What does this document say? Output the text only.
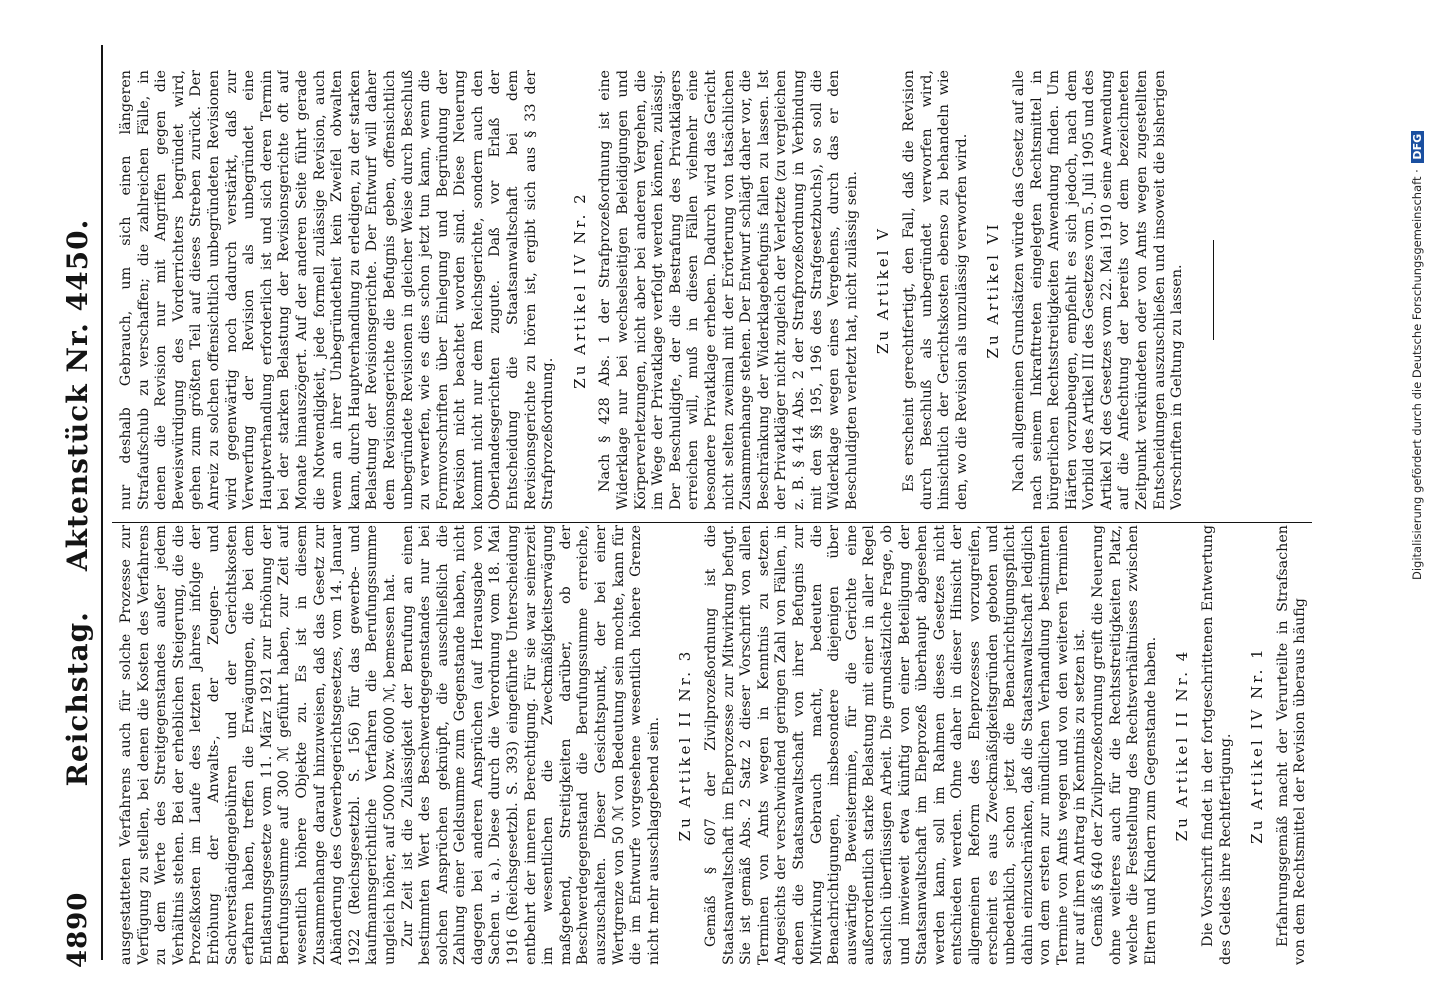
4890
Reichstag.Aktenstück Nr. 4450.

ausgestatteten Verfahrens auch für solche Prozesse zur Verfügung zu stellen, bei denen die Kosten des Verfahrens zu dem Werte des Streitgegenstandes außer jedem Verhältnis stehen. Bei der erheblichen Steigerung, die die Prozeßkosten im Laufe des letzten Jahres infolge der Erhöhung der Anwalts-, der Zeugen- und Sachverständigengebühren und der Gerichtskosten erfahren haben, treffen die Erwägungen, die bei dem Entlastungsgesetze vom 11. März 1921 zur Erhöhung der Berufungssumme auf 300 ℳ geführt haben, zur Zeit auf wesentlich höhere Objekte zu. Es ist in diesem Zusammenhange darauf hinzuweisen, daß das Gesetz zur Abänderung des Gewerbegerichtsgesetzes, vom 14. Januar 1922 (Reichsgesetzbl. S. 156) für das gewerbe- und kaufmannsgerichtliche Verfahren die Berufungssumme ungleich höher, auf 5000 bzw. 6000 ℳ, bemessen hat. Zur Zeit ist die Zulässigkeit der Berufung an einen bestimmten Wert des Beschwerdegegenstandes nur bei solchen Ansprüchen geknüpft, die ausschließlich die Zahlung einer Geldsumme zum Gegenstande haben, nicht dagegen bei anderen Ansprüchen (auf Herausgabe von Sachen u. a.). Diese durch die Verordnung vom 18. Mai 1916 (Reichsgesetzbl. S. 393) eingeführte Unterscheidung entbehrt der inneren Berechtigung. Für sie war seinerzeit im wesentlichen die Zweckmäßigkeitserwägung maßgebend, Streitigkeiten darüber, ob der Beschwerdegegenstand die Berufungssumme erreiche, auszuschalten. Dieser Gesichtspunkt, der bei einer Wertgrenze von 50 ℳ von Bedeutung sein mochte, kann für die im Entwurfe vorgesehene wesentlich höhere Grenze nicht mehr ausschlaggebend sein. Zu Artikel II Nr. 3 Gemäß § 607 der Zivilprozeßordnung ist die Staatsanwaltschaft im Eheprozesse zur Mitwirkung befugt. Sie ist gemäß Abs. 2 Satz 2 dieser Vorschrift von allen Terminen von Amts wegen in Kenntnis zu setzen. Angesichts der verschwindend geringen Zahl von Fällen, in denen die Staatsanwaltschaft von ihrer Befugnis zur Mitwirkung Gebrauch macht, bedeuten die Benachrichtigungen, insbesondere diejenigen über auswärtige Beweistermine, für die Gerichte eine außerordentlich starke Belastung mit einer in aller Regel sachlich überflüssigen Arbeit. Die grundsätzliche Frage, ob und inwieweit etwa künftig von einer Beteiligung der Staatsanwaltschaft im Eheprozeß überhaupt abgesehen werden kann, soll im Rahmen dieses Gesetzes nicht entschieden werden. Ohne daher in dieser Hinsicht der allgemeinen Reform des Eheprozesses vorzugreifen, erscheint es aus Zweckmäßigkeitsgründen geboten und unbedenklich, schon jetzt die Benachrichtigungspflicht dahin einzuschränken, daß die Staatsanwaltschaft lediglich von dem ersten zur mündlichen Verhandlung bestimmten Termine von Amts wegen und von den weiteren Terminen nur auf ihren Antrag in Kenntnis zu setzen ist. Gemäß § 640 der Zivilprozeßordnung greift die Neuerung ohne weiteres auch für die Rechtsstreitigkeiten Platz, welche die Feststellung des Rechtsverhältnisses zwischen Eltern und Kindern zum Gegenstande haben. Zu Artikel II Nr. 4 Die Vorschrift findet in der fortgeschrittenen Entwertung des Geldes ihre Rechtfertigung. Zu Artikel IV Nr. 1 Erfahrungsgemäß macht der Verurteilte in Strafsachen von dem Rechtsmittel der Revision überaus häufig

nur deshalb Gebrauch, um sich einen längeren Strafaufschub zu verschaffen; die zahlreichen Fälle, in denen die Revision nur mit Angriffen gegen die Beweiswürdigung des Vorderrichters begründet wird, gehen zum größten Teil auf dieses Streben zurück. Der Anreiz zu solchen offensichtlich unbegründeten Revisionen wird gegenwärtig noch dadurch verstärkt, daß zur Verwerfung der Revision als unbegründet eine Hauptverhandlung erforderlich ist und sich deren Termin bei der starken Belastung der Revisionsgerichte oft auf Monate hinauszögert. Auf der anderen Seite führt gerade die Notwendigkeit, jede formell zulässige Revision, auch wenn an ihrer Unbegründetheit kein Zweifel obwalten kann, durch Hauptverhandlung zu erledigen, zu der starken Belastung der Revisionsgerichte. Der Entwurf will daher dem Revisionsgerichte die Befugnis geben, offensichtlich unbegründete Revisionen in gleicher Weise durch Beschluß zu verwerfen, wie es dies schon jetzt tun kann, wenn die Formvorschriften über Einlegung und Begründung der Revision nicht beachtet worden sind. Diese Neuerung kommt nicht nur dem Reichsgerichte, sondern auch den Oberlandesgerichten zugute. Daß vor Erlaß der Entscheidung die Staatsanwaltschaft bei dem Revisionsgerichte zu hören ist, ergibt sich aus § 33 der Strafprozeßordnung.

Zu Artikel IV Nr. 2 Nach § 428 Abs. 1 der Strafprozeßordnung ist eine Widerklage nur bei wechselseitigen Beleidigungen und Körperverletzungen, nicht aber bei anderen Vergehen, die im Wege der Privatklage verfolgt werden können, zulässig. Der Beschuldigte, der die Bestrafung des Privatklägers erreichen will, muß in diesen Fällen vielmehr eine besondere Privatklage erheben. Dadurch wird das Gericht nicht selten zweimal mit der Erörterung von tatsächlichen Zusammenhange stehen. Der Entwurf schlägt daher vor, die Beschränkung der Widerklagebefugnis fallen zu lassen. Ist der Privatkläger nicht zugleich der Verletzte (zu vergleichen z. B. § 414 Abs. 2 der Strafprozeßordnung in Verbindung mit den §§ 195, 196 des Strafgesetzbuchs), so soll die Widerklage wegen eines Vergehens, durch das er den Beschuldigten verletzt hat, nicht zulässig sein. Zu Artikel V Es erscheint gerechtfertigt, den Fall, daß die Revision durch Beschluß als unbegründet verworfen wird, hinsichtlich der Gerichtskosten ebenso zu behandeln wie den, wo die Revision als unzulässig verworfen wird. Zu Artikel VI Nach allgemeinen Grundsätzen würde das Gesetz auf alle nach seinem Inkrafttreten eingelegten Rechtsmittel in bürgerlichen Rechtsstreitigkeiten Anwendung finden. Um Härten vorzubeugen, empfiehlt es sich jedoch, nach dem Vorbild des Artikel III des Gesetzes vom 5. Juli 1905 und des Artikel XI des Gesetzes vom 22. Mai 1910 seine Anwendung auf die Anfechtung der bereits vor dem bezeichneten Zeitpunkt verkündeten oder von Amts wegen zugestellten Entscheidungen auszuschließen und insoweit die bisherigen Vorschriften in Geltung zu lassen.	Digitalisierung gefördert durch die Deutsche Forschungsgemeinschaft · DFG
